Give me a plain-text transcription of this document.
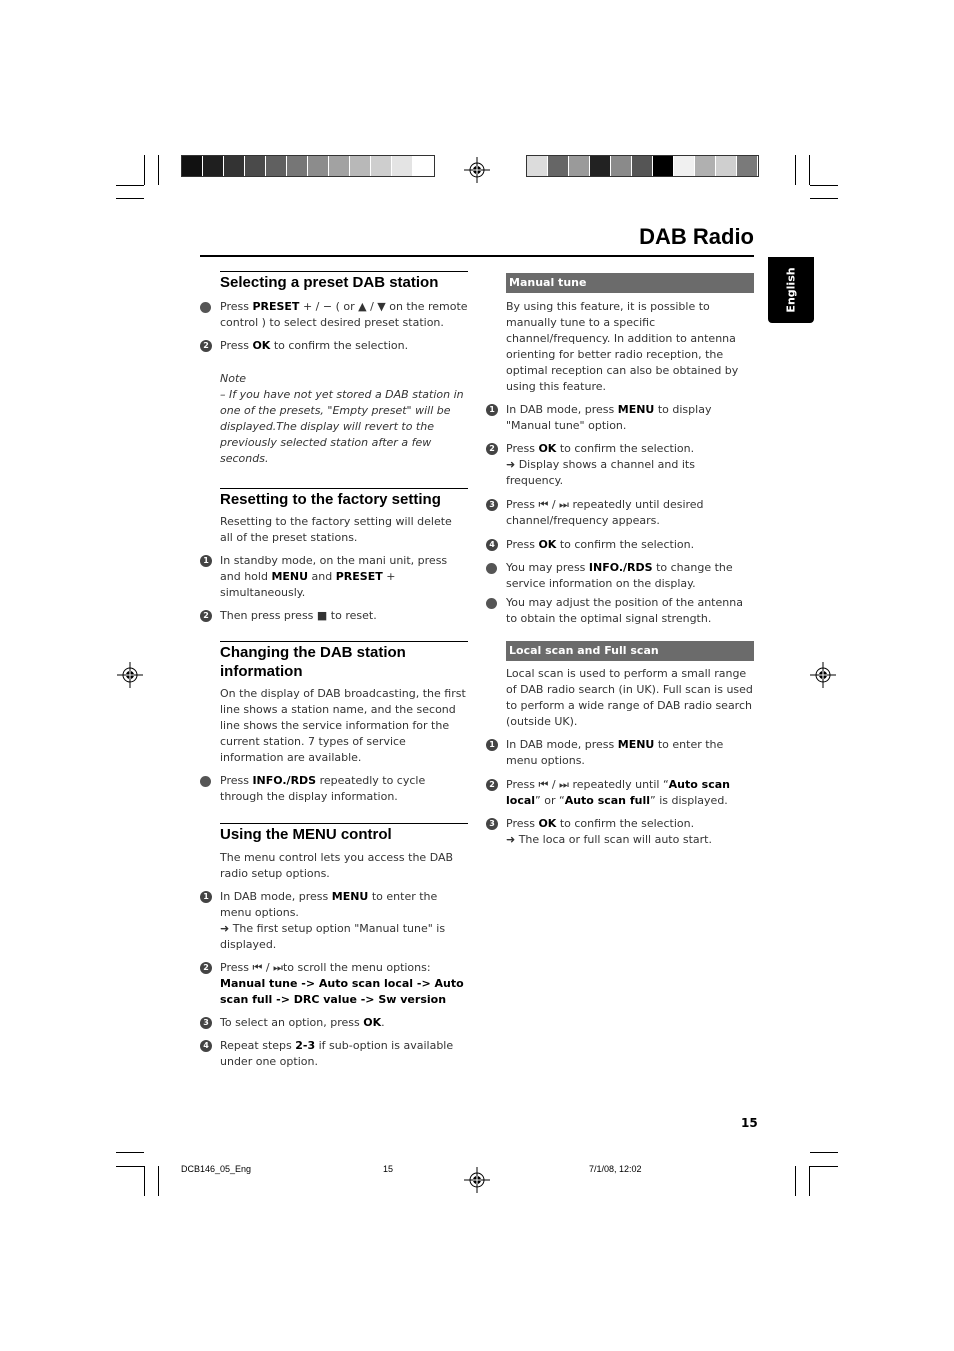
DAB Radio
English
Selecting a preset DAB station
Press PRESET + / − ( or ▲ / ▼ on the remote control ) to select desired preset station.
2 Press OK to confirm the selection.
Note
– If you have not yet stored a DAB station in one of the presets, "Empty preset" will be displayed.The display will revert to the previously selected station after a few seconds.
Resetting to the factory setting
Resetting to the factory setting will delete all of the preset stations.
1 In standby mode, on the mani unit, press and hold MENU and PRESET + simultaneously.
2 Then press press ■ to reset.
Changing the DAB station information
On the display of DAB broadcasting, the first line shows a station name, and the second line shows the service information for the current station. 7 types of service information are available.
Press INFO./RDS repeatedly to cycle through the display information.
Using the MENU control
The menu control lets you access the DAB radio setup options.
1 In DAB mode, press MENU to enter the menu options.
➜ The first setup option "Manual tune" is displayed.
2 Press ⏮ / ⏭to scroll the menu options:
Manual tune -> Auto scan local -> Auto scan full -> DRC value -> Sw version
3 To select an option, press OK.
4 Repeat steps 2-3 if sub-option is available under one option.
Manual tune
By using this feature, it is possible to manually tune to a specific channel/frequency. In addition to antenna orienting for better radio reception, the optimal reception can also be obtained by using this feature.
1 In DAB mode, press MENU to display "Manual tune" option.
2 Press OK to confirm the selection.
➜ Display shows a channel and its frequency.
3 Press ⏮ / ⏭ repeatedly until desired channel/frequency appears.
4 Press OK to confirm the selection.
You may press INFO./RDS to change the service information on the display.
You may adjust the position of the antenna to obtain the optimal signal strength.
Local scan and Full scan
Local scan is used to perform a small range of DAB radio search (in UK). Full scan is used to perform a wide range of DAB radio search (outside UK).
1 In DAB mode, press MENU to enter the menu options.
2 Press ⏮ / ⏭ repeatedly until “Auto scan local” or “Auto scan full” is displayed.
3 Press OK to confirm the selection.
➜ The loca or full scan will auto start.
15
DCB146_05_Eng	15	7/1/08, 12:02
